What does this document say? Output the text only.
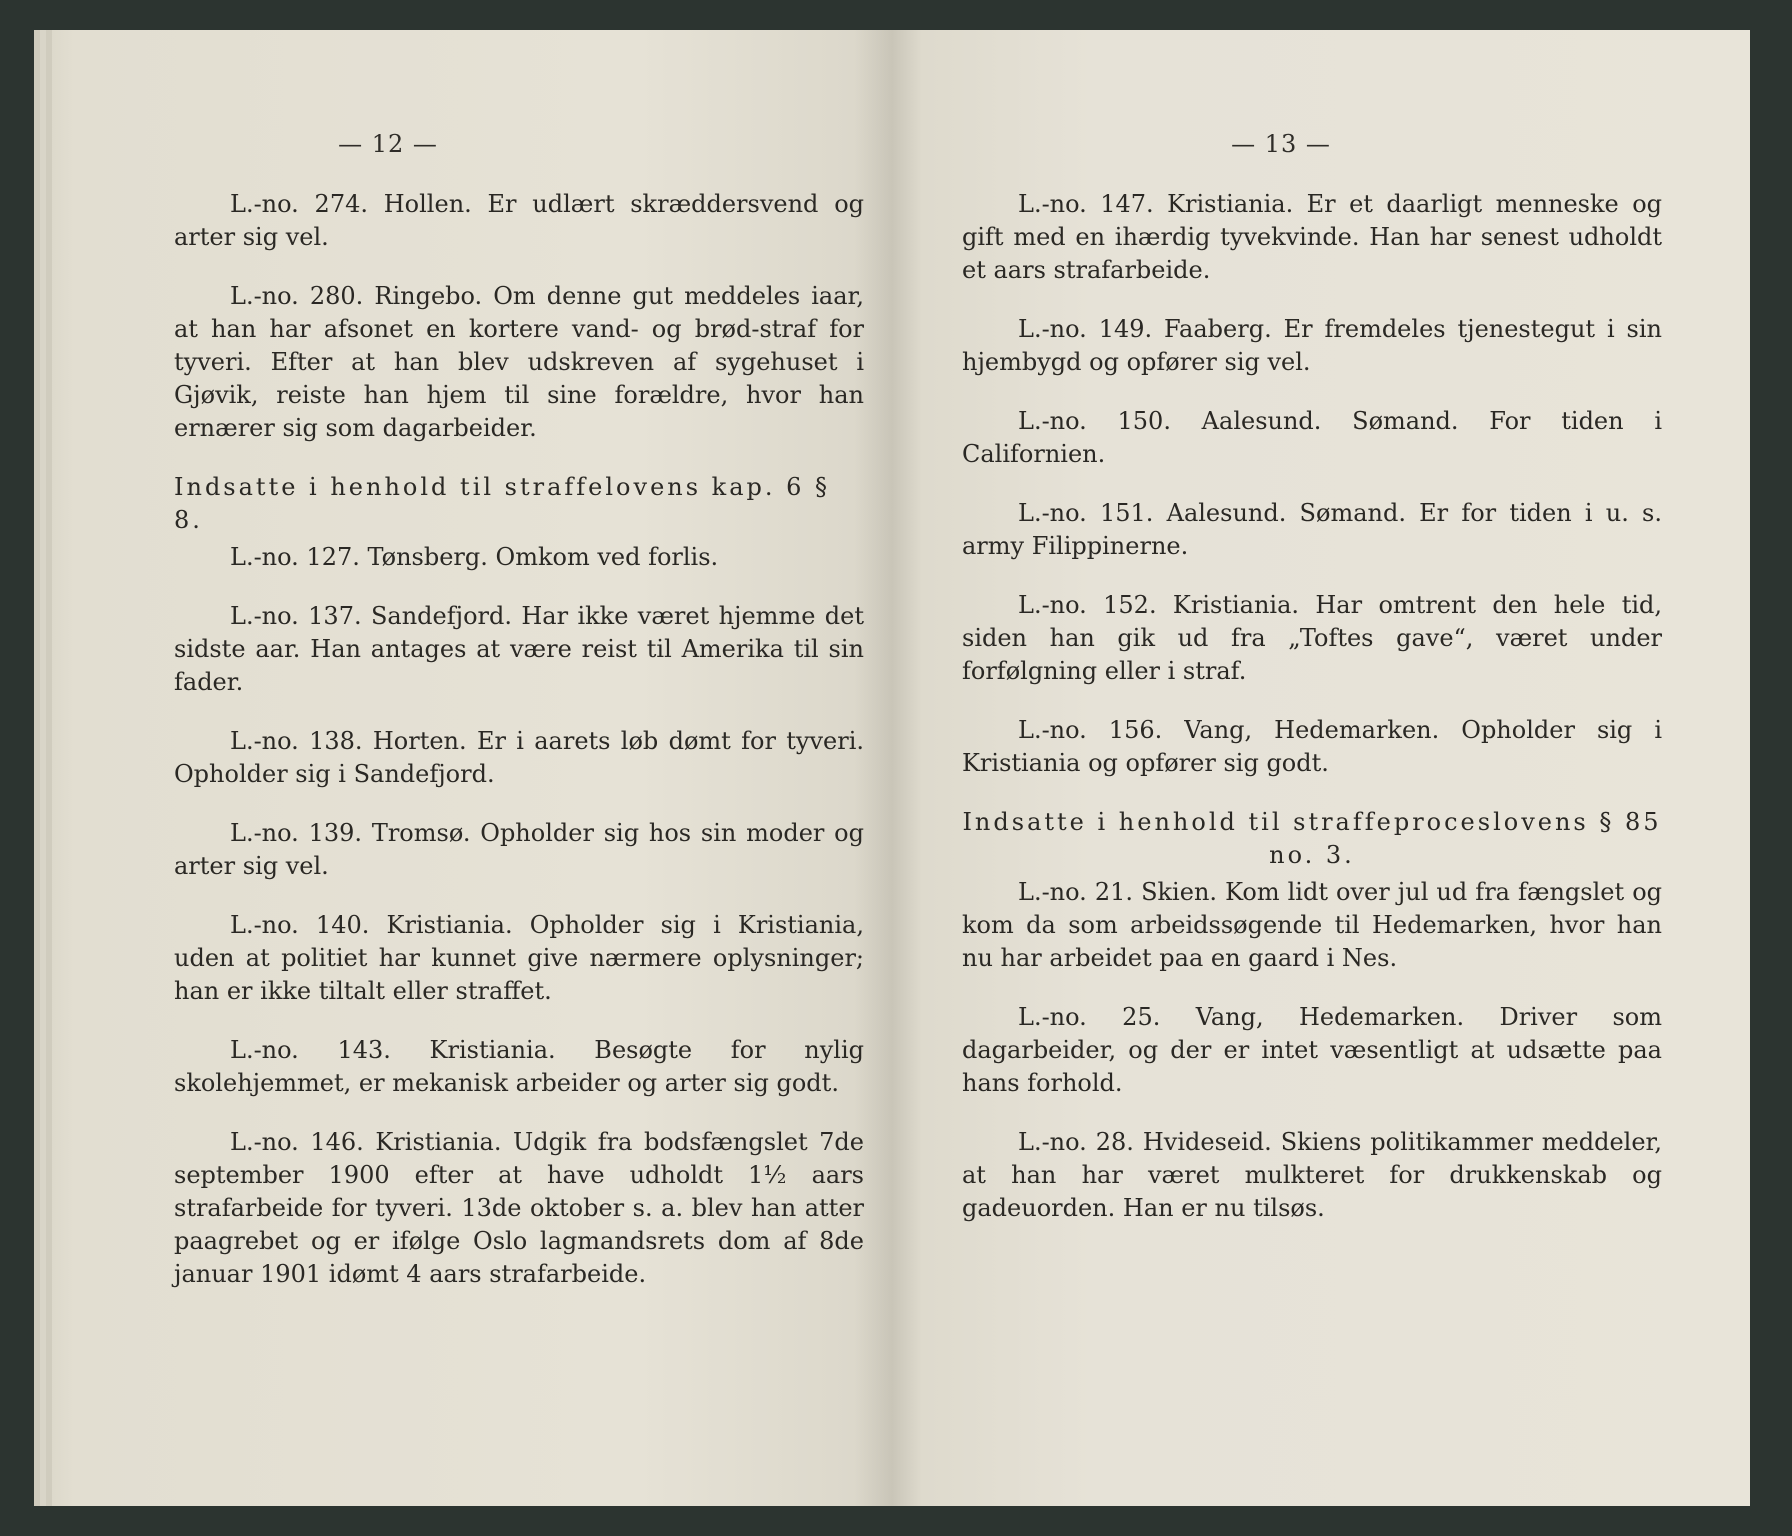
— 12 —

L.-no. 274. Hollen. Er udlært skræddersvend og arter sig vel.

L.-no. 280. Ringebo. Om denne gut meddeles iaar, at han har afsonet en kortere vand- og brød-straf for tyveri. Efter at han blev udskreven af sygehuset i Gjøvik, reiste han hjem til sine forældre, hvor han ernærer sig som dagarbeider.

Indsatte i henhold til straffelovens kap. 6 § 8.

L.-no. 127. Tønsberg. Omkom ved forlis.

L.-no. 137. Sandefjord. Har ikke været hjemme det sidste aar. Han antages at være reist til Amerika til sin fader.

L.-no. 138. Horten. Er i aarets løb dømt for tyveri. Opholder sig i Sandefjord.

L.-no. 139. Tromsø. Opholder sig hos sin moder og arter sig vel.

L.-no. 140. Kristiania. Opholder sig i Kristiania, uden at politiet har kunnet give nærmere oplysninger; han er ikke tiltalt eller straffet.

L.-no. 143. Kristiania. Besøgte for nylig skolehjemmet, er mekanisk arbeider og arter sig godt.

L.-no. 146. Kristiania. Udgik fra bodsfængslet 7de september 1900 efter at have udholdt 1½ aars strafarbeide for tyveri. 13de oktober s. a. blev han atter paagrebet og er ifølge Oslo lagmandsrets dom af 8de januar 1901 idømt 4 aars strafarbeide.

— 13 —

L.-no. 147. Kristiania. Er et daarligt menneske og gift med en ihærdig tyvekvinde. Han har senest udholdt et aars strafarbeide.

L.-no. 149. Faaberg. Er fremdeles tjenestegut i sin hjembygd og opfører sig vel.

L.-no. 150. Aalesund. Sømand. For tiden i Californien.

L.-no. 151. Aalesund. Sømand. Er for tiden i u. s. army Filippinerne.

L.-no. 152. Kristiania. Har omtrent den hele tid, siden han gik ud fra „Toftes gave“, været under forfølgning eller i straf.

L.-no. 156. Vang, Hedemarken. Opholder sig i Kristiania og opfører sig godt.

Indsatte i henhold til straffeproceslovens § 85 no. 3.

L.-no. 21. Skien. Kom lidt over jul ud fra fængslet og kom da som arbeidssøgende til Hedemarken, hvor han nu har arbeidet paa en gaard i Nes.

L.-no. 25. Vang, Hedemarken. Driver som dagarbeider, og der er intet væsentligt at udsætte paa hans forhold.

L.-no. 28. Hvideseid. Skiens politikammer meddeler, at han har været mulkteret for drukkenskab og gadeuorden. Han er nu tilsøs.
